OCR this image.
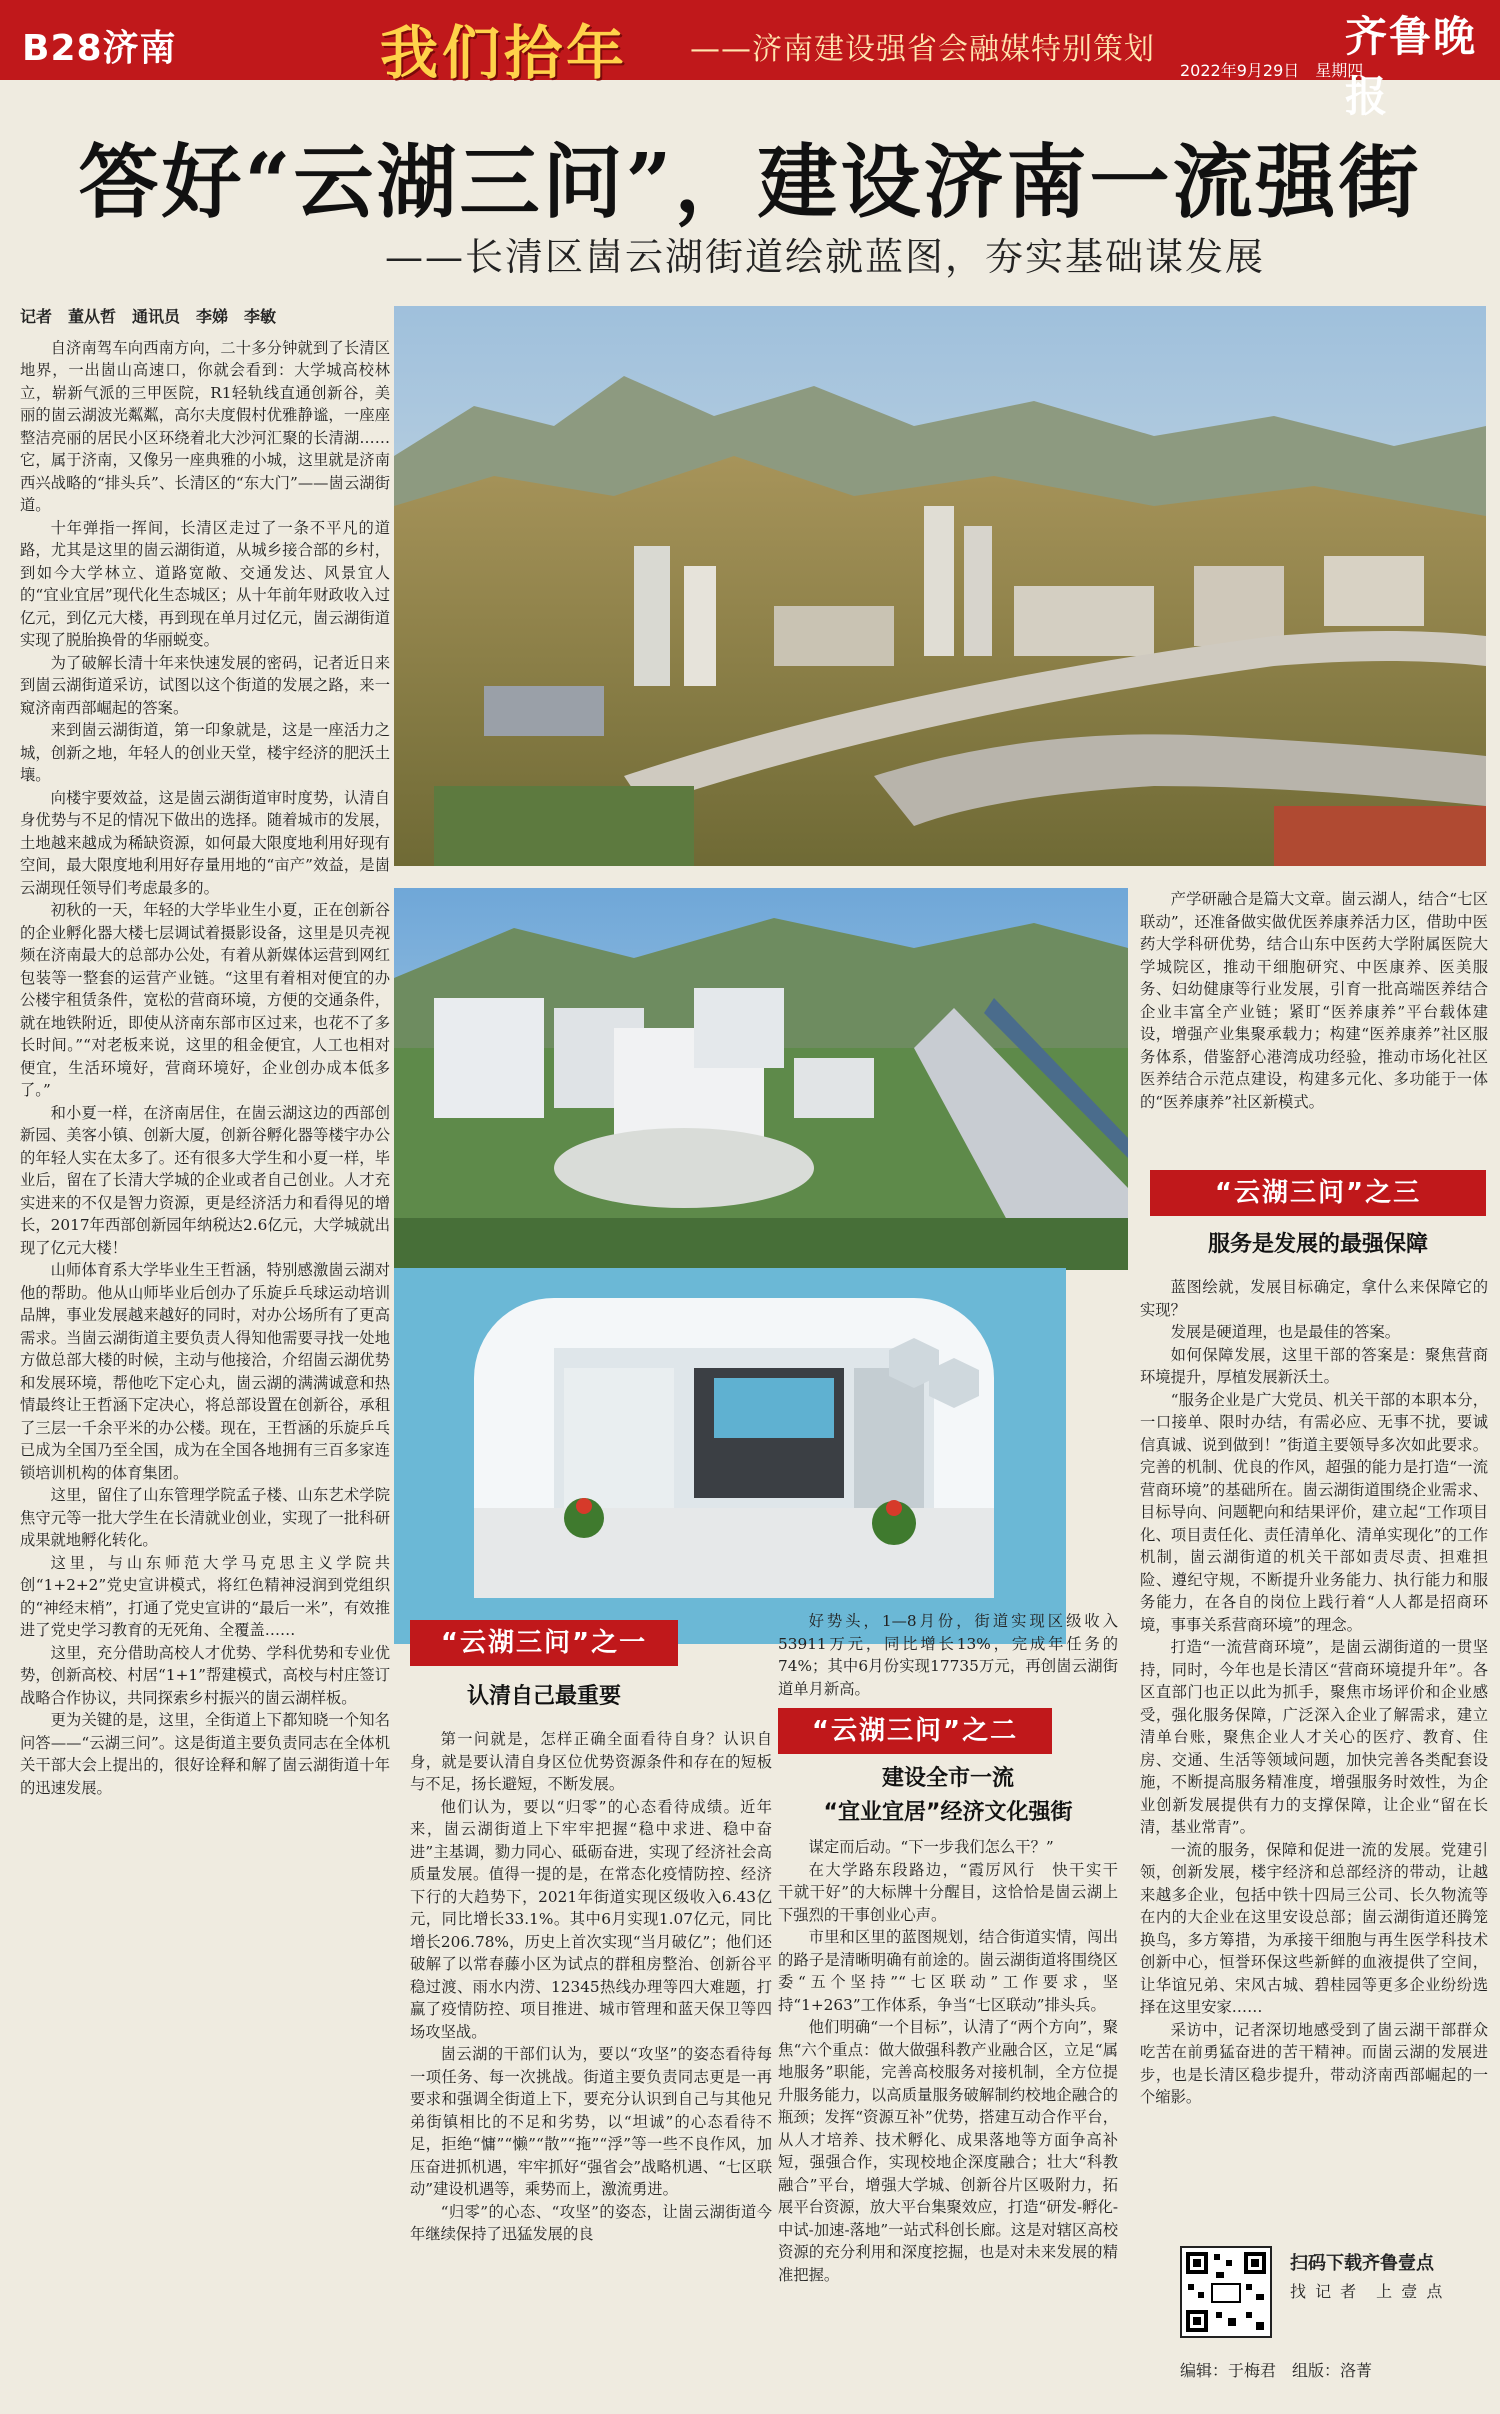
B28济南	我们拾年 ——济南建设强省会融媒特别策划
2022年9月29日　星期四
齐鲁晚报
答好“云湖三问”，建设济南一流强街
——长清区崮云湖街道绘就蓝图，夯实基础谋发展

记者　董从哲　通讯员　李娣　李敏

自济南驾车向西南方向，二十多分钟就到了长清区地界，一出崮山高速口，你就会看到：大学城高校林立，崭新气派的三甲医院，R1轻轨线直通创新谷，美丽的崮云湖波光粼粼，高尔夫度假村优雅静谧，一座座整洁亮丽的居民小区环绕着北大沙河汇聚的长清湖……它，属于济南，又像另一座典雅的小城，这里就是济南西兴战略的“排头兵”、长清区的“东大门”——崮云湖街道。

十年弹指一挥间，长清区走过了一条不平凡的道路，尤其是这里的崮云湖街道，从城乡接合部的乡村，到如今大学林立、道路宽敞、交通发达、风景宜人的“宜业宜居”现代化生态城区；从十年前年财政收入过亿元，到亿元大楼，再到现在单月过亿元，崮云湖街道实现了脱胎换骨的华丽蜕变。

为了破解长清十年来快速发展的密码，记者近日来到崮云湖街道采访，试图以这个街道的发展之路，来一窥济南西部崛起的答案。

来到崮云湖街道，第一印象就是，这是一座活力之城，创新之地，年轻人的创业天堂，楼宇经济的肥沃土壤。

向楼宇要效益，这是崮云湖街道审时度势，认清自身优势与不足的情况下做出的选择。随着城市的发展，土地越来越成为稀缺资源，如何最大限度地利用好现有空间，最大限度地利用好存量用地的“亩产”效益，是崮云湖现任领导们考虑最多的。

初秋的一天，年轻的大学毕业生小夏，正在创新谷的企业孵化器大楼七层调试着摄影设备，这里是贝壳视频在济南最大的总部办公处，有着从新媒体运营到网红包装等一整套的运营产业链。“这里有着相对便宜的办公楼宇租赁条件，宽松的营商环境，方便的交通条件，就在地铁附近，即使从济南东部市区过来，也花不了多长时间。”“对老板来说，这里的租金便宜，人工也相对便宜，生活环境好，营商环境好，企业创办成本低多了。”

和小夏一样，在济南居住，在崮云湖这边的西部创新园、美客小镇、创新大厦，创新谷孵化器等楼宇办公的年轻人实在太多了。还有很多大学生和小夏一样，毕业后，留在了长清大学城的企业或者自己创业。人才充实进来的不仅是智力资源，更是经济活力和看得见的增长，2017年西部创新园年纳税达2.6亿元，大学城就出现了亿元大楼！

山师体育系大学毕业生王哲涵，特别感激崮云湖对他的帮助。他从山师毕业后创办了乐旋乒乓球运动培训品牌，事业发展越来越好的同时，对办公场所有了更高需求。当崮云湖街道主要负责人得知他需要寻找一处地方做总部大楼的时候，主动与他接洽，介绍崮云湖优势和发展环境，帮他吃下定心丸，崮云湖的满满诚意和热情最终让王哲涵下定决心，将总部设置在创新谷，承租了三层一千余平米的办公楼。现在，王哲涵的乐旋乒乓已成为全国乃至全国，成为在全国各地拥有三百多家连锁培训机构的体育集团。

这里，留住了山东管理学院孟子楼、山东艺术学院焦守元等一批大学生在长清就业创业，实现了一批科研成果就地孵化转化。

这里，与山东师范大学马克思主义学院共创“1+2+2”党史宣讲模式，将红色精神浸润到党组织的“神经末梢”，打通了党史宣讲的“最后一米”，有效推进了党史学习教育的无死角、全覆盖……

这里，充分借助高校人才优势、学科优势和专业优势，创新高校、村居“1+1”帮建模式，高校与村庄签订战略合作协议，共同探索乡村振兴的崮云湖样板。

更为关键的是，这里，全街道上下都知晓一个知名问答——“云湖三问”。这是街道主要负责同志在全体机关干部大会上提出的，很好诠释和解了崮云湖街道十年的迅速发展。

“云湖三问”之一
认清自己最重要

第一问就是，怎样正确全面看待自身？认识自身，就是要认清自身区位优势资源条件和存在的短板与不足，扬长避短，不断发展。

他们认为，要以“归零”的心态看待成绩。近年来，崮云湖街道上下牢牢把握“稳中求进、稳中奋进”主基调，勠力同心、砥砺奋进，实现了经济社会高质量发展。值得一提的是，在常态化疫情防控、经济下行的大趋势下，2021年街道实现区级收入6.43亿元，同比增长33.1%。其中6月实现1.07亿元，同比增长206.78%，历史上首次实现“当月破亿”；他们还破解了以常春藤小区为试点的群租房整治、创新谷平稳过渡、雨水内涝、12345热线办理等四大难题，打赢了疫情防控、项目推进、城市管理和蓝天保卫等四场攻坚战。

崮云湖的干部们认为，要以“攻坚”的姿态看待每一项任务、每一次挑战。街道主要负责同志更是一再要求和强调全街道上下，要充分认识到自己与其他兄弟街镇相比的不足和劣势，以“坦诚”的心态看待不足，拒绝“慵”“懒”“散”“拖”“浮”等一些不良作风，加压奋进抓机遇，牢牢抓好“强省会”战略机遇、“七区联动”建设机遇等，乘势而上，激流勇进。

“归零”的心态、“攻坚”的姿态，让崮云湖街道今年继续保持了迅猛发展的良

好势头，1—8月份，街道实现区级收入53911万元，同比增长13%，完成年任务的74%；其中6月份实现17735万元，再创崮云湖街道单月新高。

“云湖三问”之二
建设全市一流
“宜业宜居”经济文化强街

谋定而后动。“下一步我们怎么干？”

在大学路东段路边，“霞厉风行　快干实干　干就干好”的大标牌十分醒目，这恰恰是崮云湖上下强烈的干事创业心声。

市里和区里的蓝图规划，结合街道实情，闯出的路子是清晰明确有前途的。崮云湖街道将围绕区委“五个坚持”“七区联动”工作要求，坚持“1+263”工作体系，争当“七区联动”排头兵。

他们明确“一个目标”，认清了“两个方向”，聚焦“六个重点：做大做强科教产业融合区，立足“属地服务”职能，完善高校服务对接机制，全方位提升服务能力，以高质量服务破解制约校地企融合的瓶颈；发挥“资源互补”优势，搭建互动合作平台，从人才培养、技术孵化、成果落地等方面争高补短，强强合作，实现校地企深度融合；壮大“科教融合”平台，增强大学城、创新谷片区吸附力，拓展平台资源，放大平台集聚效应，打造“研发-孵化-中试-加速-落地”一站式科创长廊。这是对辖区高校资源的充分利用和深度挖掘，也是对未来发展的精准把握。

产学研融合是篇大文章。崮云湖人，结合“七区联动”，还准备做实做优医养康养活力区，借助中医药大学科研优势，结合山东中医药大学附属医院大学城院区，推动干细胞研究、中医康养、医美服务、妇幼健康等行业发展，引育一批高端医养结合企业丰富全产业链；紧盯“医养康养”平台载体建设，增强产业集聚承载力；构建“医养康养”社区服务体系，借鉴舒心港湾成功经验，推动市场化社区医养结合示范点建设，构建多元化、多功能于一体的“医养康养”社区新模式。

“云湖三问”之三
服务是发展的最强保障

蓝图绘就，发展目标确定，拿什么来保障它的实现？

发展是硬道理，也是最佳的答案。

如何保障发展，这里干部的答案是：聚焦营商环境提升，厚植发展新沃土。

“服务企业是广大党员、机关干部的本职本分，一口接单、限时办结，有需必应、无事不扰，要诚信真诚、说到做到！”街道主要领导多次如此要求。完善的机制、优良的作风，超强的能力是打造“一流营商环境”的基础所在。崮云湖街道围绕企业需求、目标导向、问题靶向和结果评价，建立起“工作项目化、项目责任化、责任清单化、清单实现化”的工作机制，崮云湖街道的机关干部如责尽责、担难担险、遵纪守规，不断提升业务能力、执行能力和服务能力，在各自的岗位上践行着“人人都是招商环境，事事关系营商环境”的理念。

打造“一流营商环境”，是崮云湖街道的一贯坚持，同时，今年也是长清区“营商环境提升年”。各区直部门也正以此为抓手，聚焦市场评价和企业感受，强化服务保障，广泛深入企业了解需求，建立清单台账，聚焦企业人才关心的医疗、教育、住房、交通、生活等领域问题，加快完善各类配套设施，不断提高服务精准度，增强服务时效性，为企业创新发展提供有力的支撑保障，让企业“留在长清，基业常青”。

一流的服务，保障和促进一流的发展。党建引领，创新发展，楼宇经济和总部经济的带动，让越来越多企业，包括中铁十四局三公司、长久物流等在内的大企业在这里安设总部；崮云湖街道还腾笼换鸟，多方筹措，为承接干细胞与再生医学科技术创新中心，恒誉环保这些新鲜的血液提供了空间，让华谊兄弟、宋风古城、碧桂园等更多企业纷纷选择在这里安家……

采访中，记者深切地感受到了崮云湖干部群众吃苦在前勇猛奋进的苦干精神。而崮云湖的发展进步，也是长清区稳步提升，带动济南西部崛起的一个缩影。

扫码下载齐鲁壹点
找 记 者　上 壹 点
编辑：于梅君　组版：洛菁
